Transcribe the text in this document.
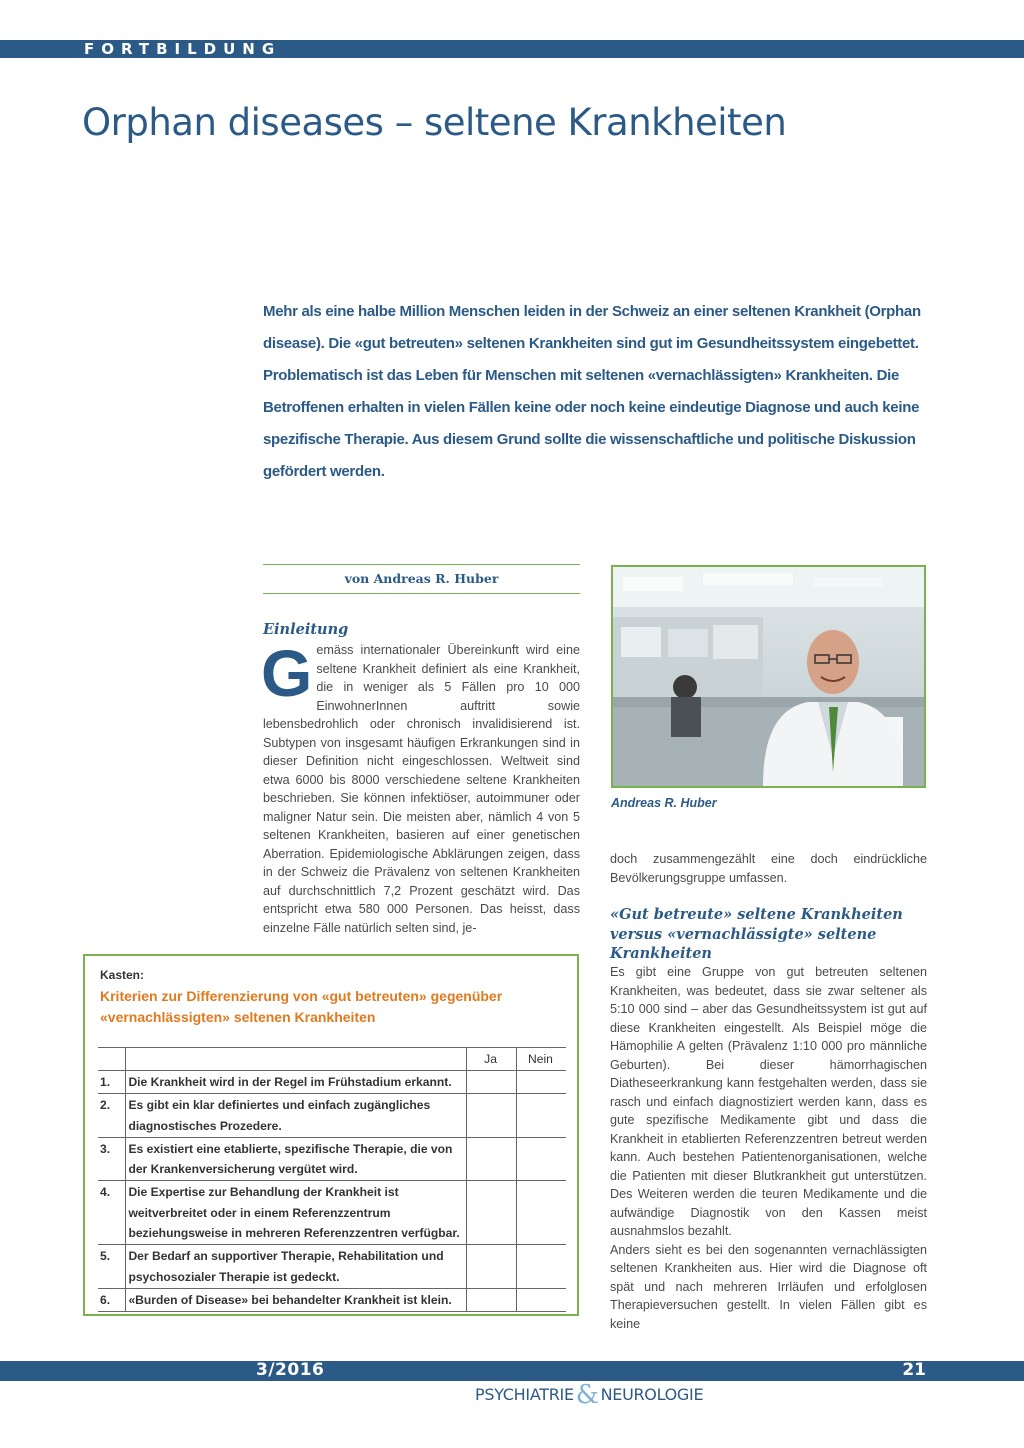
FORTBILDUNG
Orphan diseases – seltene Krankheiten
Mehr als eine halbe Million Menschen leiden in der Schweiz an einer seltenen Krankheit (Orphan disease). Die «gut betreuten» seltenen Krankheiten sind gut im Gesundheitssystem eingebettet. Problematisch ist das Leben für Menschen mit seltenen «vernachlässigten» Krankheiten. Die Betroffenen erhalten in vielen Fällen keine oder noch keine eindeutige Diagnose und auch keine spezifische Therapie. Aus diesem Grund sollte die wissenschaftliche und politische Diskussion gefördert werden.
von Andreas R. Huber
Einleitung
Gemäss internationaler Übereinkunft wird eine seltene Krankheit definiert als eine Krankheit, die in weniger als 5 Fällen pro 10 000 EinwohnerInnen auftritt sowie lebensbedrohlich oder chronisch invalidisierend ist. Subtypen von insgesamt häufigen Erkrankungen sind in dieser Definition nicht eingeschlossen. Weltweit sind etwa 6000 bis 8000 verschiedene seltene Krankheiten beschrieben. Sie können infektiöser, autoimmuner oder maligner Natur sein. Die meisten aber, nämlich 4 von 5 seltenen Krankheiten, basieren auf einer genetischen Aberration. Epidemiologische Abklärungen zeigen, dass in der Schweiz die Prävalenz von seltenen Krankheiten auf durchschnittlich 7,2 Prozent geschätzt wird. Das entspricht etwa 580 000 Personen. Das heisst, dass einzelne Fälle natürlich selten sind, je-
Andreas R. Huber
doch zusammengezählt eine doch eindrückliche Bevölkerungsgruppe umfassen.
«Gut betreute» seltene Krankheiten versus «vernachlässigte» seltene Krankheiten
Es gibt eine Gruppe von gut betreuten seltenen Krankheiten, was bedeutet, dass sie zwar seltener als 5:10 000 sind – aber das Gesundheitssystem ist gut auf diese Krankheiten eingestellt. Als Beispiel möge die Hämophilie A gelten (Prävalenz 1:10 000 pro männliche Geburten). Bei dieser hämorrhagischen Diatheseerkrankung kann festgehalten werden, dass sie rasch und einfach diagnostiziert werden kann, dass es gute spezifische Medikamente gibt und dass die Krankheit in etablierten Referenzzentren betreut werden kann. Auch bestehen Patientenorganisationen, welche die Patienten mit dieser Blutkrankheit gut unterstützen. Des Weiteren werden die teuren Medikamente und die aufwändige Diagnostik von den Kassen meist ausnahmslos bezahlt.
Anders sieht es bei den sogenannten vernachlässigten seltenen Krankheiten aus. Hier wird die Diagnose oft spät und nach mehreren Irrläufen und erfolglosen Therapieversuchen gestellt. In vielen Fällen gibt es keine
Kasten:
Kriterien zur Differenzierung von «gut betreuten» gegenüber «vernachlässigten» seltenen Krankheiten
		Ja	Nein
1.	Die Krankheit wird in der Regel im Frühstadium erkannt.		
2.	Es gibt ein klar definiertes und einfach zugängliches diagnostisches Prozedere.		
3.	Es existiert eine etablierte, spezifische Therapie, die von der Krankenversicherung vergütet wird.		
4.	Die Expertise zur Behandlung der Krankheit ist weitverbreitet oder in einem Referenzzentrum beziehungsweise in mehreren Referenzzentren verfügbar.		
5.	Der Bedarf an supportiver Therapie, Rehabilitation und psychosozialer Therapie ist gedeckt.		
6.	«Burden of Disease» bei behandelter Krankheit ist klein.		
3/2016	21
PSYCHIATRIE& NEUROLOGIE
